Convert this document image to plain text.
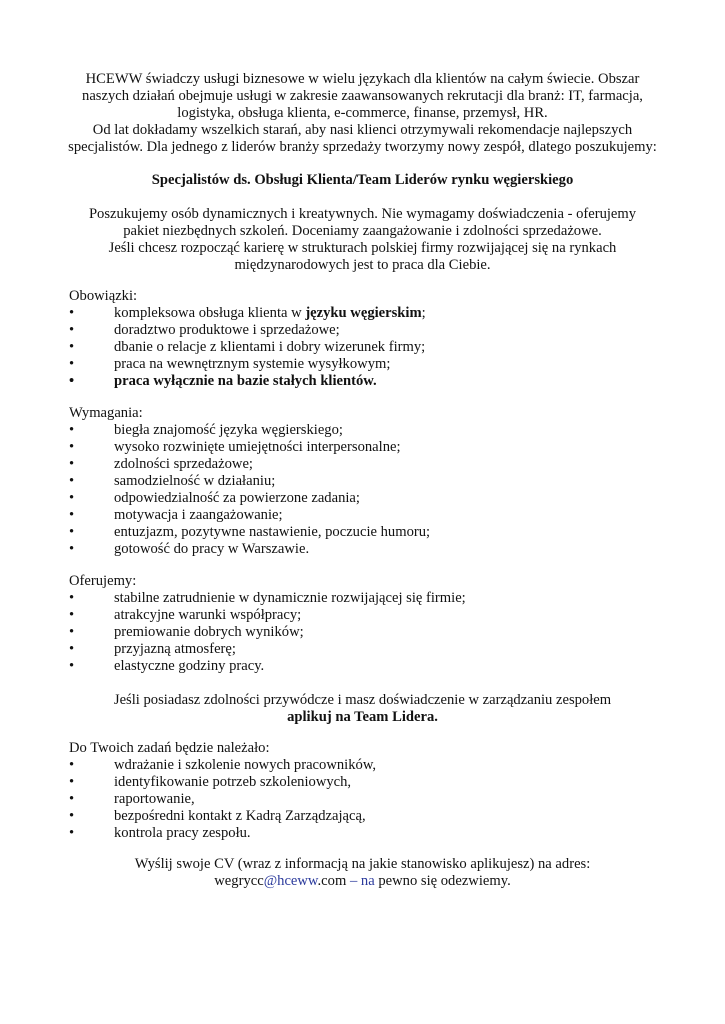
HCEWW świadczy usługi biznesowe w wielu językach dla klientów na całym świecie. Obszar
naszych działań obejmuje usługi w zakresie zaawansowanych rekrutacji dla branż: IT, farmacja,
logistyka, obsługa klienta, e-commerce, finanse, przemysł, HR.
Od lat dokładamy wszelkich starań, aby nasi klienci otrzymywali rekomendacje najlepszych
specjalistów. Dla jednego z liderów branży sprzedaży tworzymy nowy zespół, dlatego poszukujemy:
Specjalistów ds. Obsługi Klienta/Team Liderów rynku węgierskiego
Poszukujemy osób dynamicznych i kreatywnych. Nie wymagamy doświadczenia - oferujemy
pakiet niezbędnych szkoleń. Doceniamy zaangażowanie i zdolności sprzedażowe.
Jeśli chcesz rozpocząć karierę w strukturach polskiej firmy rozwijającej się na rynkach
międzynarodowych jest to praca dla Ciebie.
Obowiązki:
•	kompleksowa obsługa klienta w języku węgierskim;
•	doradztwo produktowe i sprzedażowe;
•	dbanie o relacje z klientami i dobry wizerunek firmy;
•	praca na wewnętrznym systemie wysyłkowym;
•	praca wyłącznie na bazie stałych klientów.
Wymagania:
•	biegła znajomość języka węgierskiego;
•	wysoko rozwinięte umiejętności interpersonalne;
•	zdolności sprzedażowe;
•	samodzielność w działaniu;
•	odpowiedzialność za powierzone zadania;
•	motywacja i zaangażowanie;
•	entuzjazm, pozytywne nastawienie, poczucie humoru;
•	gotowość do pracy w Warszawie.
Oferujemy:
•	stabilne zatrudnienie w dynamicznie rozwijającej się firmie;
•	atrakcyjne warunki współpracy;
•	premiowanie dobrych wyników;
•	przyjazną atmosferę;
•	elastyczne godziny pracy.
Jeśli posiadasz zdolności przywódcze i masz doświadczenie w zarządzaniu zespołem
aplikuj na Team Lidera.
Do Twoich zadań będzie należało:
•	wdrażanie i szkolenie nowych pracowników,
•	identyfikowanie potrzeb szkoleniowych,
•	raportowanie,
•	bezpośredni kontakt z Kadrą Zarządzającą,
•	kontrola pracy zespołu.
Wyślij swoje CV (wraz z informacją na jakie stanowisko aplikujesz) na adres:
wegrycc@hceww.com – na pewno się odezwiemy.
